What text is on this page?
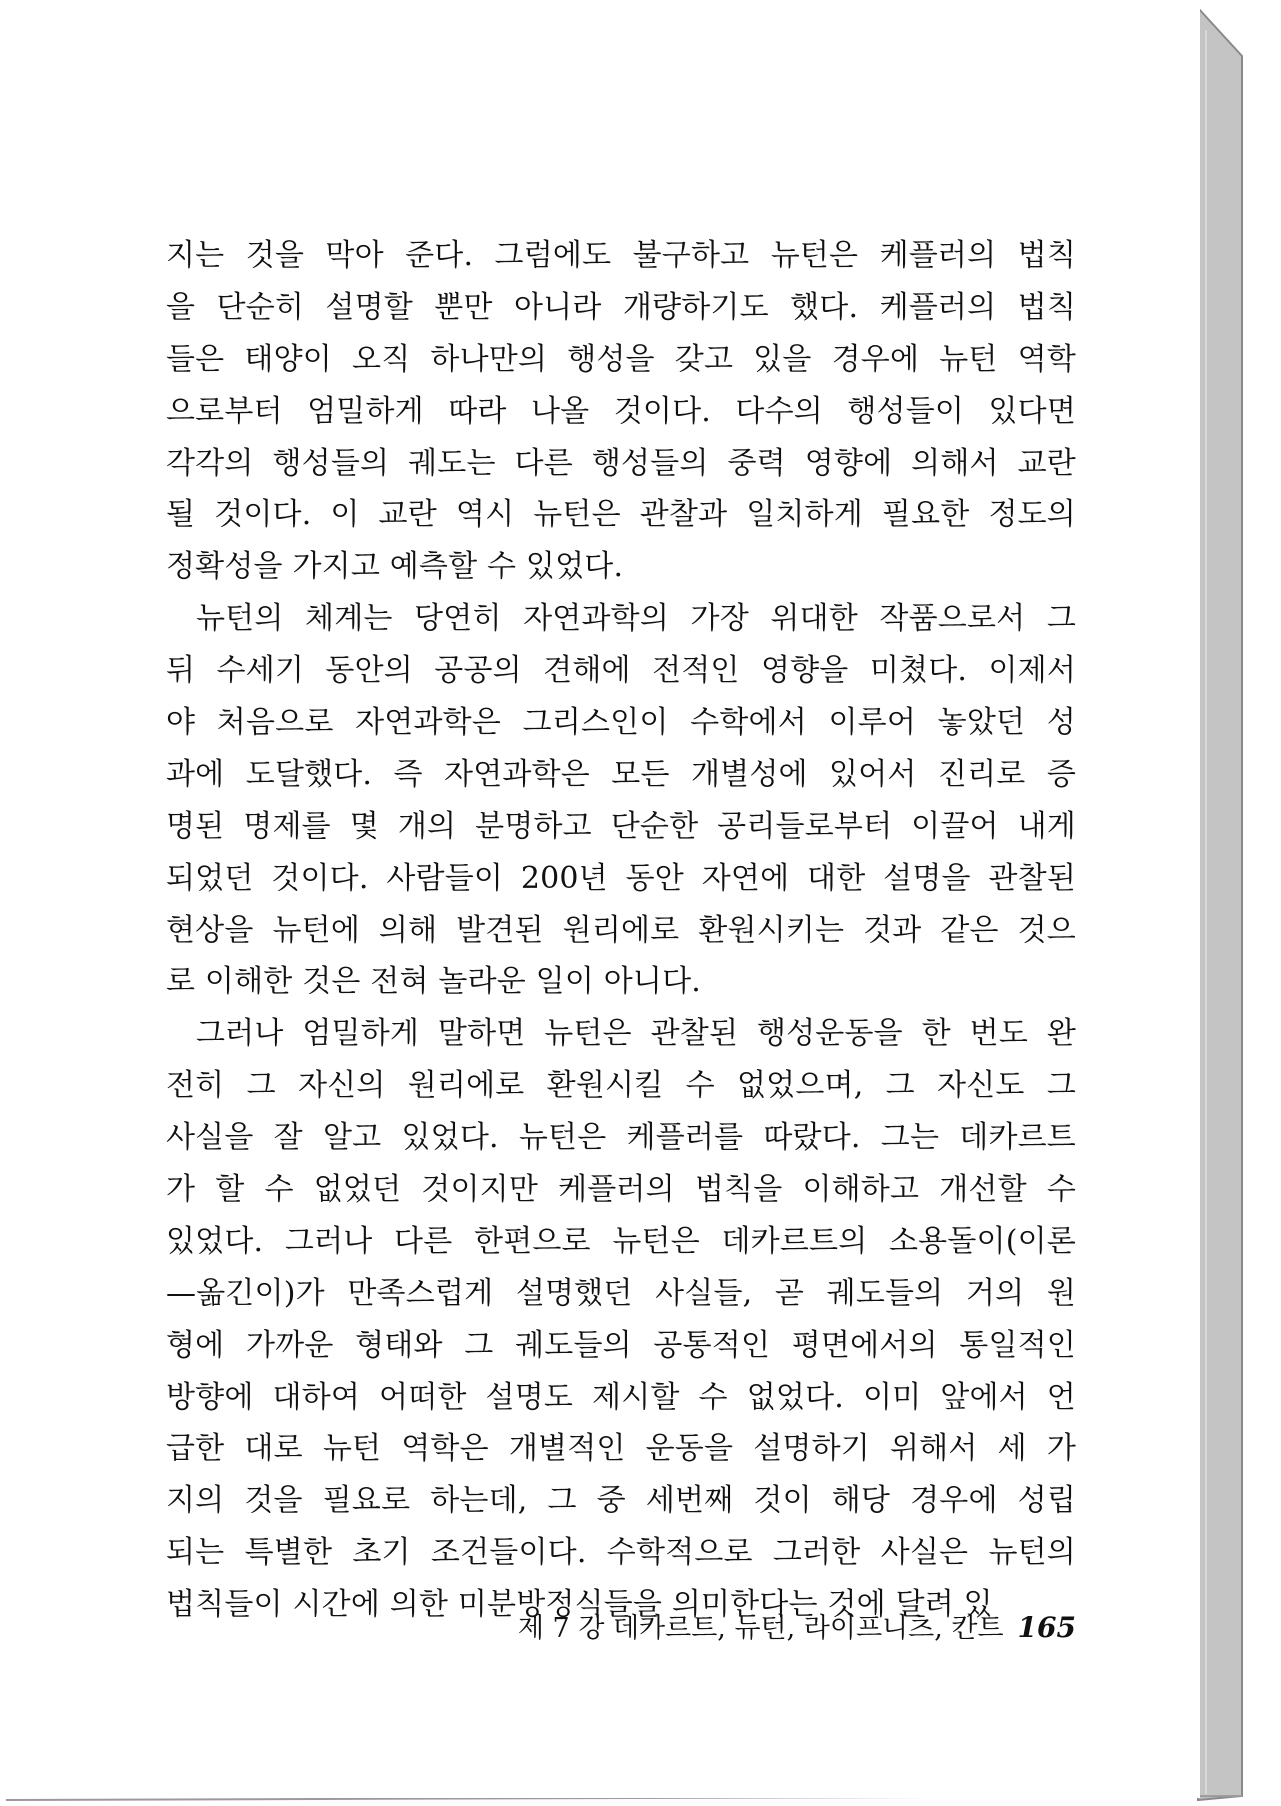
지는 것을 막아 준다. 그럼에도 불구하고 뉴턴은 케플러의 법칙
을 단순히 설명할 뿐만 아니라 개량하기도 했다. 케플러의 법칙
들은 태양이 오직 하나만의 행성을 갖고 있을 경우에 뉴턴 역학
으로부터 엄밀하게 따라 나올 것이다. 다수의 행성들이 있다면
각각의 행성들의 궤도는 다른 행성들의 중력 영향에 의해서 교란
될 것이다. 이 교란 역시 뉴턴은 관찰과 일치하게 필요한 정도의
정확성을 가지고 예측할 수 있었다.
뉴턴의 체계는 당연히 자연과학의 가장 위대한 작품으로서 그
뒤 수세기 동안의 공공의 견해에 전적인 영향을 미쳤다. 이제서
야 처음으로 자연과학은 그리스인이 수학에서 이루어 놓았던 성
과에 도달했다. 즉 자연과학은 모든 개별성에 있어서 진리로 증
명된 명제를 몇 개의 분명하고 단순한 공리들로부터 이끌어 내게
되었던 것이다. 사람들이 200년 동안 자연에 대한 설명을 관찰된
현상을 뉴턴에 의해 발견된 원리에로 환원시키는 것과 같은 것으
로 이해한 것은 전혀 놀라운 일이 아니다.
그러나 엄밀하게 말하면 뉴턴은 관찰된 행성운동을 한 번도 완
전히 그 자신의 원리에로 환원시킬 수 없었으며, 그 자신도 그
사실을 잘 알고 있었다. 뉴턴은 케플러를 따랐다. 그는 데카르트
가 할 수 없었던 것이지만 케플러의 법칙을 이해하고 개선할 수
있었다. 그러나 다른 한편으로 뉴턴은 데카르트의 소용돌이(이론
—옮긴이)가 만족스럽게 설명했던 사실들, 곧 궤도들의 거의 원
형에 가까운 형태와 그 궤도들의 공통적인 평면에서의 통일적인
방향에 대하여 어떠한 설명도 제시할 수 없었다. 이미 앞에서 언
급한 대로 뉴턴 역학은 개별적인 운동을 설명하기 위해서 세 가
지의 것을 필요로 하는데, 그 중 세번째 것이 해당 경우에 성립
되는 특별한 초기 조건들이다. 수학적으로 그러한 사실은 뉴턴의
법칙들이 시간에 의한 미분방정식들을 의미한다는 것에 달려 있
제 7 강 데카르트, 뉴턴, 라이프니츠, 칸트 165
